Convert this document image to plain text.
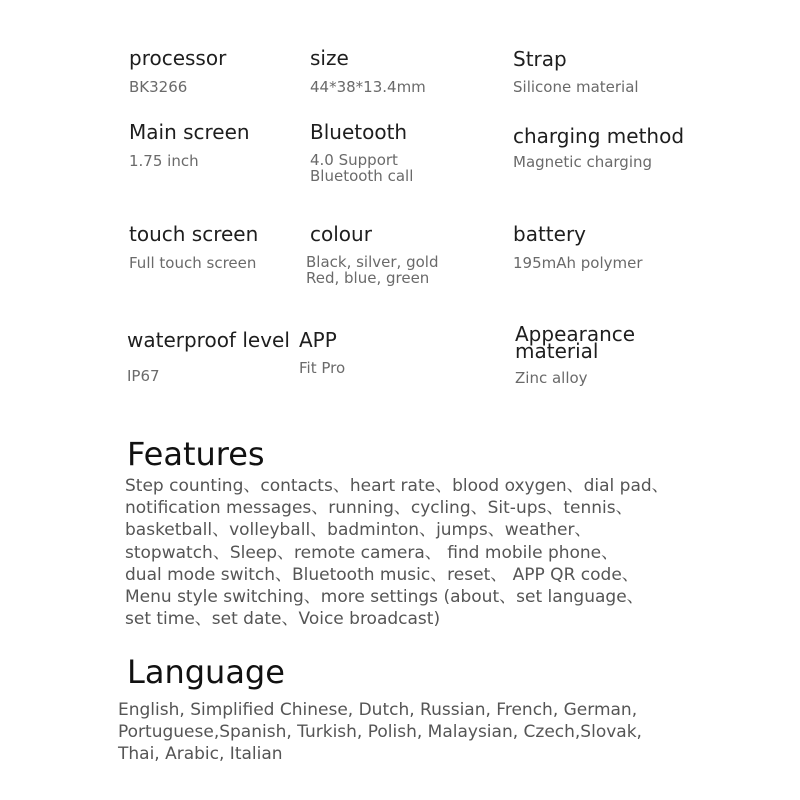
processor
BK3266
size
44*38*13.4mm
Strap
Silicone material
Main screen
1.75 inch
Bluetooth
4.0 Support
Bluetooth call
charging method
Magnetic charging
touch screen
Full touch screen
colour
Black, silver, gold
Red, blue, green
battery
195mAh polymer
waterproof level
IP67
APP
Fit Pro
Appearance
material
Zinc alloy
Features
Step counting、contacts、heart rate、blood oxygen、dial pad、
notification messages、running、cycling、Sit-ups、tennis、
basketball、volleyball、badminton、jumps、weather、
stopwatch、Sleep、remote camera、 find mobile phone、
dual mode switch、Bluetooth music、reset、 APP QR code、
Menu style switching、more settings (about、set language、
set time、set date、Voice broadcast)
Language
English, Simplified Chinese, Dutch, Russian, French, German,
Portuguese,Spanish, Turkish, Polish, Malaysian, Czech,Slovak,
Thai, Arabic, Italian
